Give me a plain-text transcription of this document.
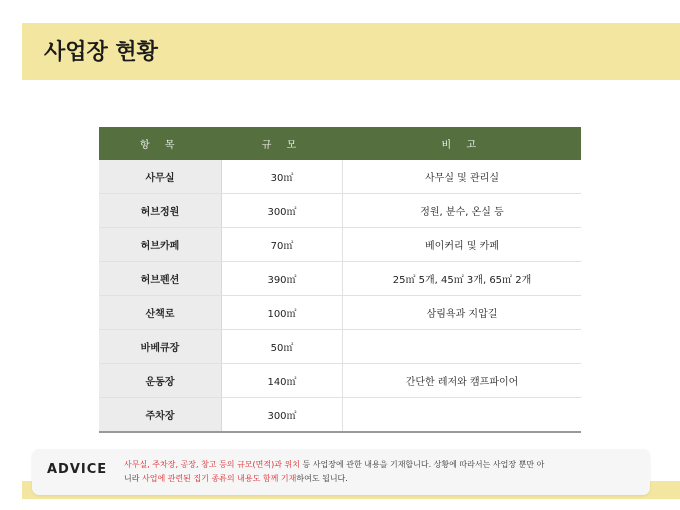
사업장 현황
항 목	규 모	비 고
사무실	30㎡	사무실 및 관리실
허브정원	300㎡	정원, 분수, 온실 등
허브카페	70㎡	베이커리 및 카페
허브펜션	390㎡	25㎡ 5개, 45㎡ 3개, 65㎡ 2개
산책로	100㎡	삼림욕과 지압길
바베큐장	50㎡	
운동장	140㎡	간단한 레저와 캠프파이어
주차장	300㎡	
ADVICE 사무실, 주차장, 공장, 창고 등의 규모(면적)과 위치 등 사업장에 관한 내용을 기재합니다. 상황에 따라서는 사업장 뿐만 아
니라 사업에 관련된 집기 종류의 내용도 함께 기재하여도 됩니다.
